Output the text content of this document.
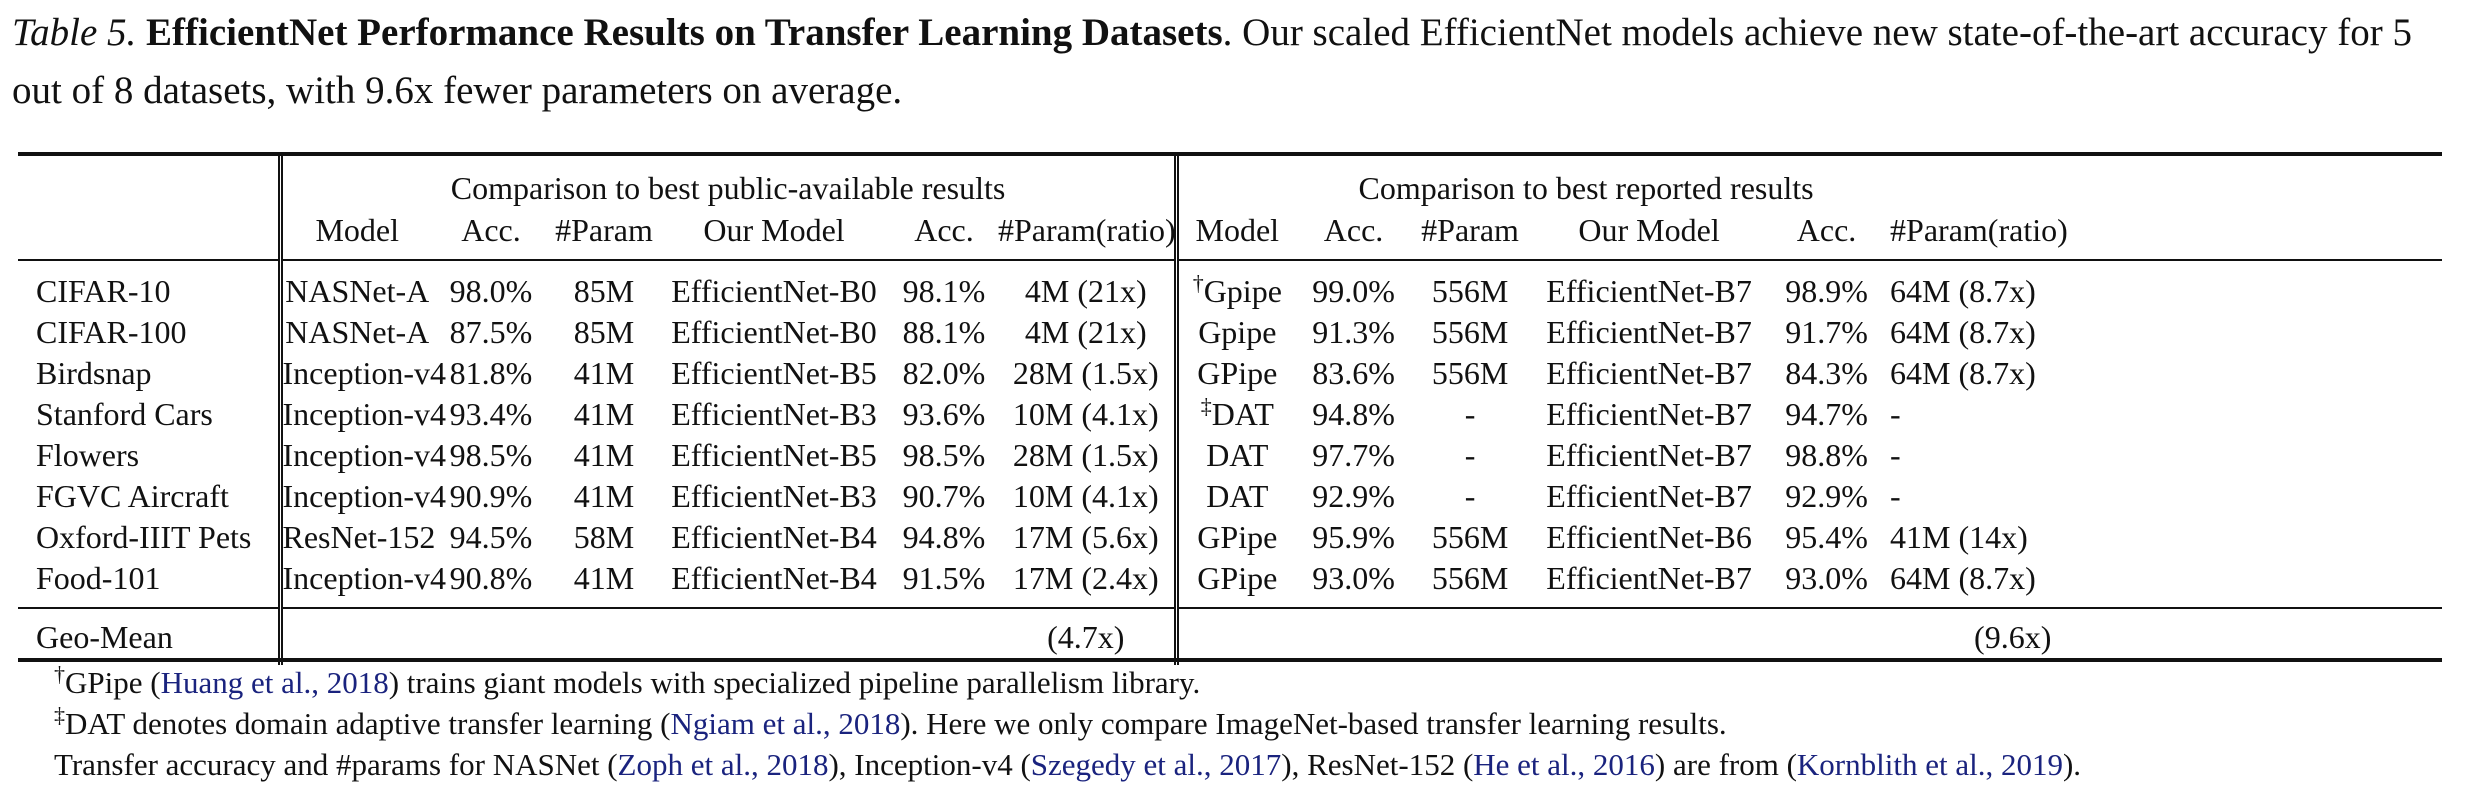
Table 5. EfficientNet Performance Results on Transfer Learning Datasets. Our scaled EfficientNet models achieve new state-of-the-art accuracy for 5 out of 8 datasets, with 9.6x fewer parameters on average.
	Comparison to best public-available results						Comparison to best reported results					
	Model	Acc.	#Param	Our Model	Acc.	#Param(ratio)	Model	Acc.	#Param	Our Model	Acc.	#Param(ratio)
CIFAR-10	NASNet-A	98.0%	85M	EfficientNet-B0	98.1%	4M (21x)	†Gpipe	99.0%	556M	EfficientNet-B7	98.9%	64M (8.7x)
CIFAR-100	NASNet-A	87.5%	85M	EfficientNet-B0	88.1%	4M (21x)	Gpipe	91.3%	556M	EfficientNet-B7	91.7%	64M (8.7x)
Birdsnap	Inception-v4	81.8%	41M	EfficientNet-B5	82.0%	28M (1.5x)	GPipe	83.6%	556M	EfficientNet-B7	84.3%	64M (8.7x)
Stanford Cars	Inception-v4	93.4%	41M	EfficientNet-B3	93.6%	10M (4.1x)	‡DAT	94.8%	-	EfficientNet-B7	94.7%	-
Flowers	Inception-v4	98.5%	41M	EfficientNet-B5	98.5%	28M (1.5x)	DAT	97.7%	-	EfficientNet-B7	98.8%	-
FGVC Aircraft	Inception-v4	90.9%	41M	EfficientNet-B3	90.7%	10M (4.1x)	DAT	92.9%	-	EfficientNet-B7	92.9%	-
Oxford-IIIT Pets	ResNet-152	94.5%	58M	EfficientNet-B4	94.8%	17M (5.6x)	GPipe	95.9%	556M	EfficientNet-B6	95.4%	41M (14x)
Food-101	Inception-v4	90.8%	41M	EfficientNet-B4	91.5%	17M (2.4x)	GPipe	93.0%	556M	EfficientNet-B7	93.0%	64M (8.7x)
Geo-Mean						(4.7x)						(9.6x)
†GPipe (Huang et al., 2018) trains giant models with specialized pipeline parallelism library.
‡DAT denotes domain adaptive transfer learning (Ngiam et al., 2018). Here we only compare ImageNet-based transfer learning results.
Transfer accuracy and #params for NASNet (Zoph et al., 2018), Inception-v4 (Szegedy et al., 2017), ResNet-152 (He et al., 2016) are from (Kornblith et al., 2019).
